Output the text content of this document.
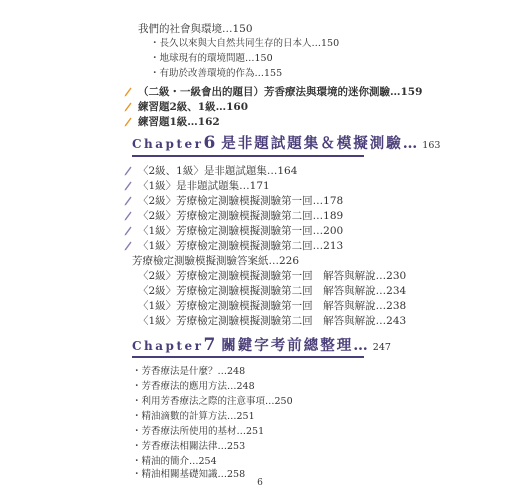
我們的社會與環境…150
・長久以來與大自然共同生存的日本人…150
・地球現有的環境問題…150
・有助於改善環境的作為…155
（二級・一級會出的題目）芳香療法與環境的迷你測驗…159
練習題2級、1級…160
練習題1級…162
Chapter6 是非題試題集＆模擬測驗… 163
〈2級、1級〉是非題試題集…164
〈1級〉是非題試題集…171
〈2級〉芳療檢定測驗模擬測驗第一回…178
〈2級〉芳療檢定測驗模擬測驗第二回…189
〈1級〉芳療檢定測驗模擬測驗第一回…200
〈1級〉芳療檢定測驗模擬測驗第二回…213
芳療檢定測驗模擬測驗答案紙…226
〈2級〉芳療檢定測驗模擬測驗第一回　解答與解說…230
〈2級〉芳療檢定測驗模擬測驗第二回　解答與解說…234
〈1級〉芳療檢定測驗模擬測驗第一回　解答與解說…238
〈1級〉芳療檢定測驗模擬測驗第二回　解答與解說…243
Chapter7 關鍵字考前總整理… 247
・芳香療法是什麼？…248
・芳香療法的應用方法…248
・利用芳香療法之際的注意事項…250
・精油滴數的計算方法…251
・芳香療法所使用的基材…251
・芳香療法相關法律…253
・精油的簡介…254
・精油相關基礎知識…258
6
